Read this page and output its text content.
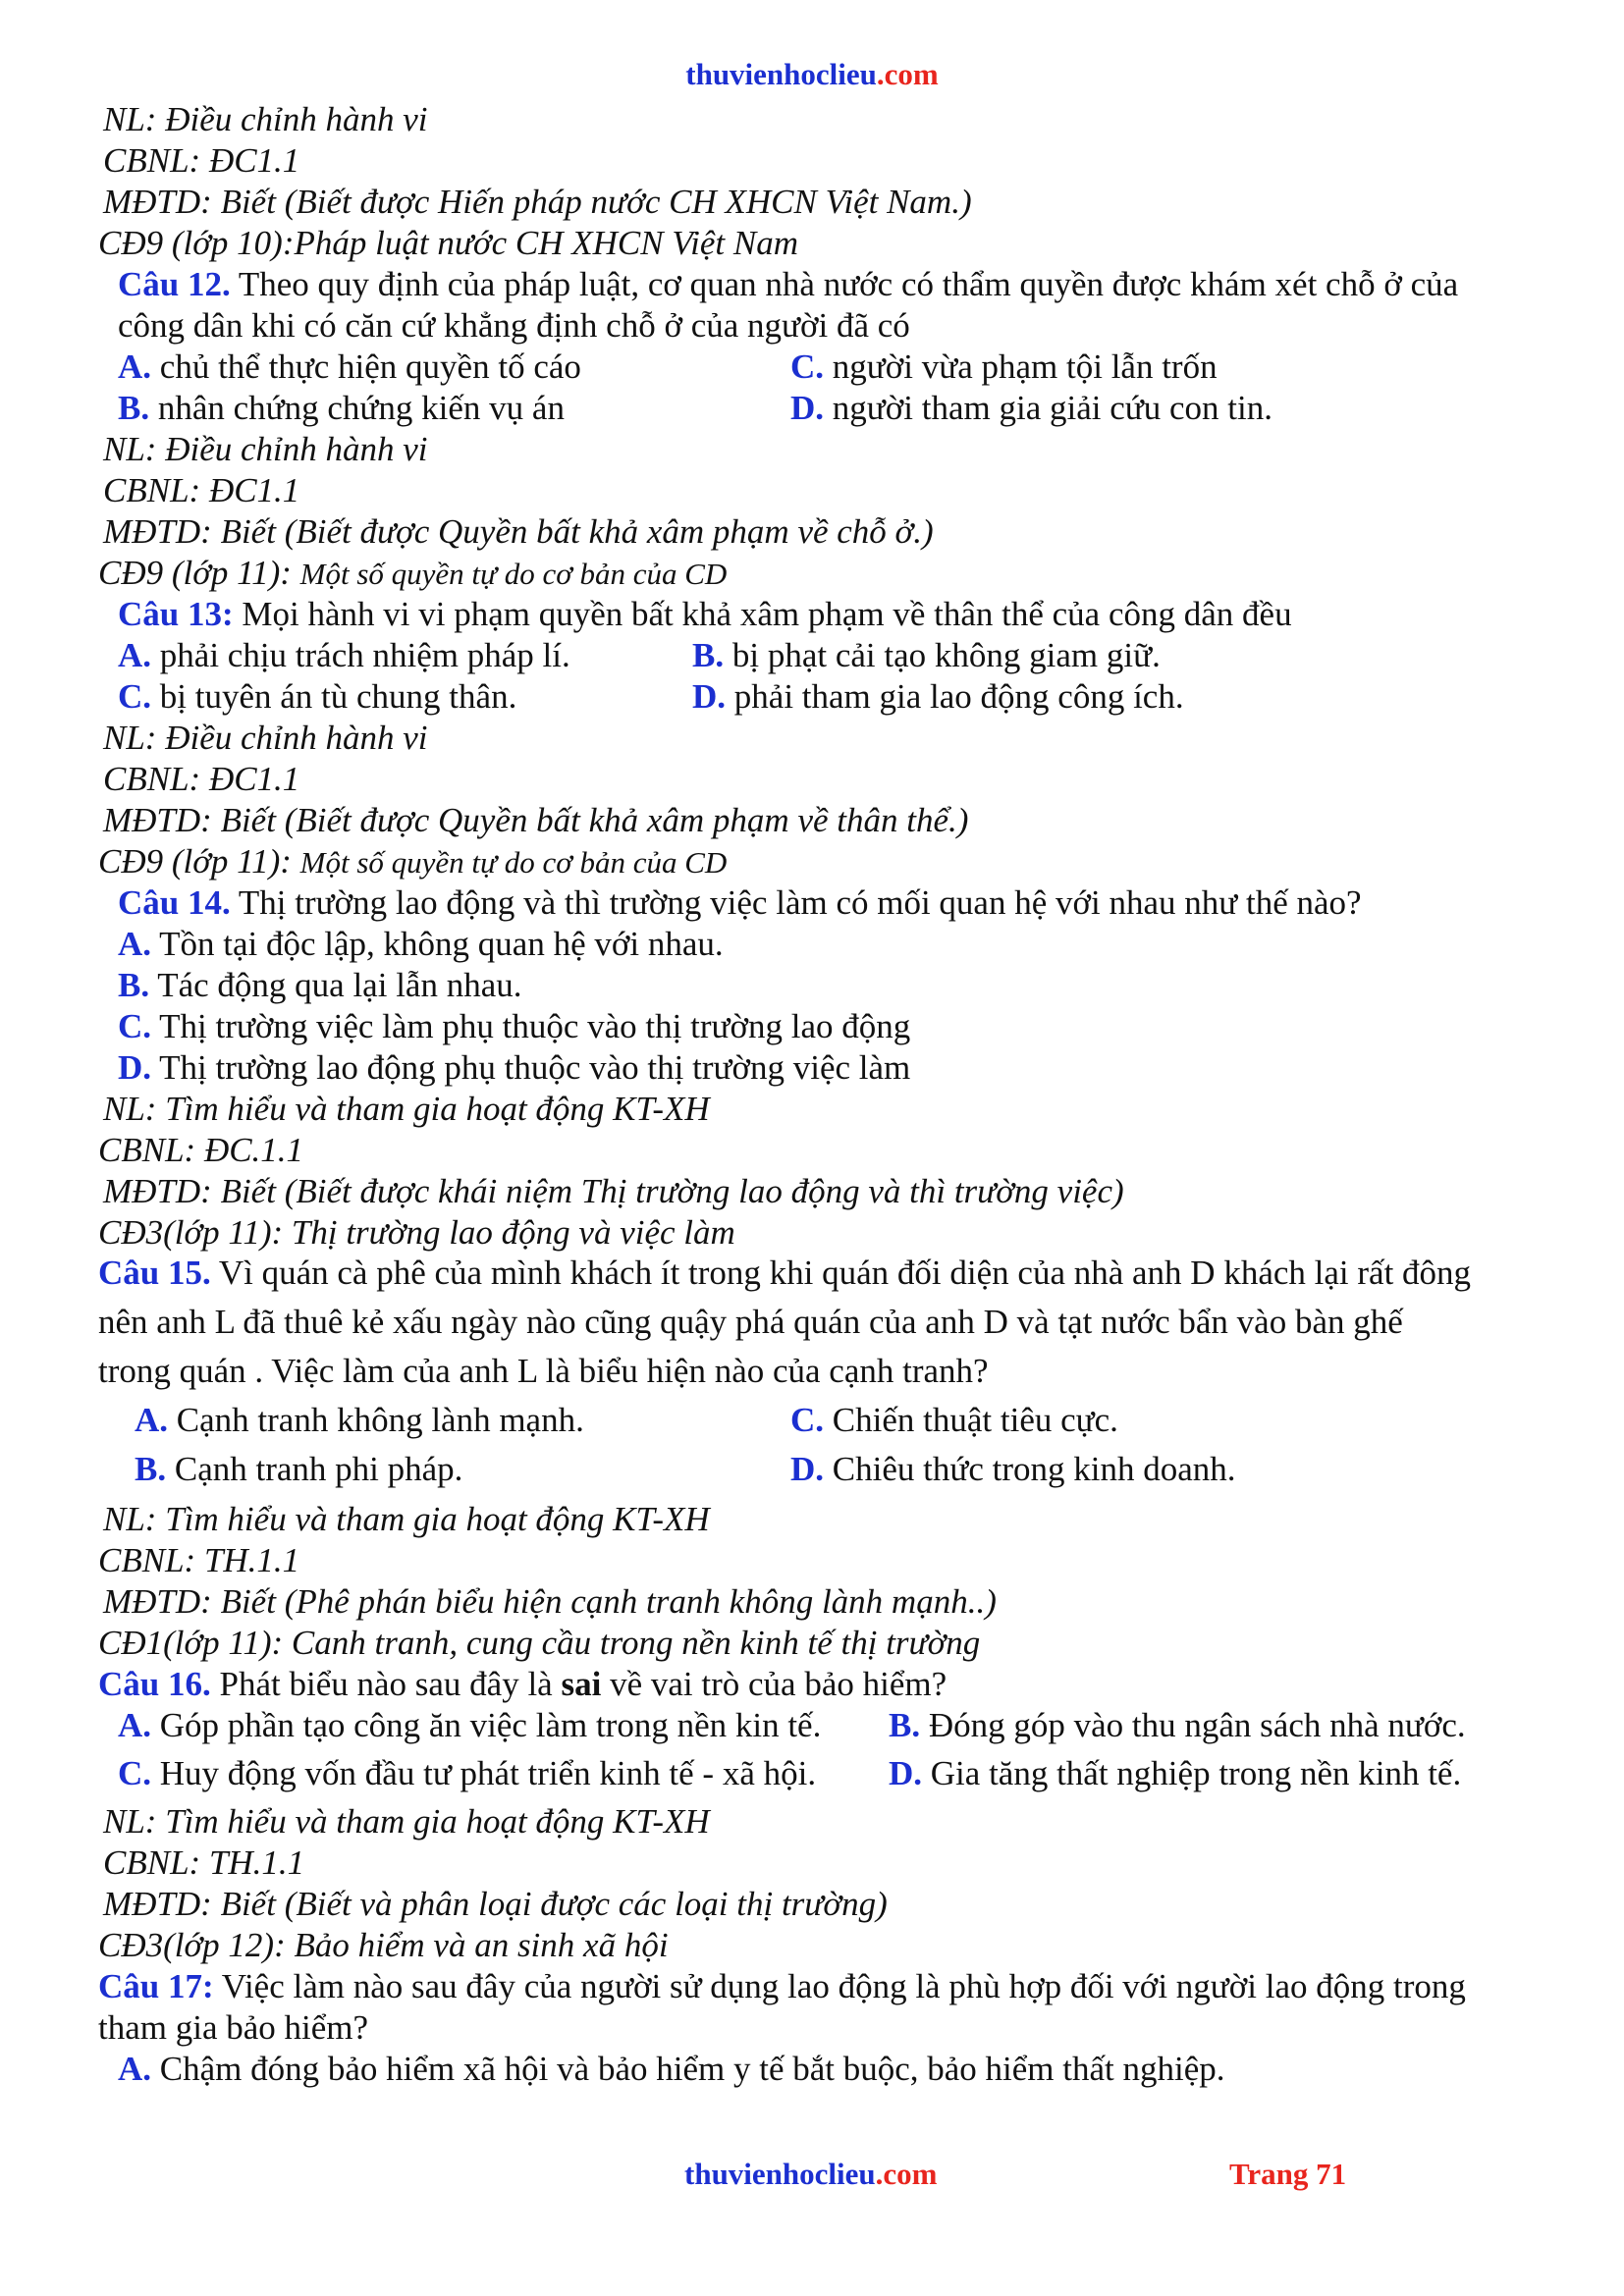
thuvienhoclieu.com
NL: Điều chỉnh hành vi
CBNL: ĐC1.1
MĐTD: Biết (Biết được Hiến pháp nước CH XHCN Việt Nam.)
CĐ9 (lớp 10):Pháp luật nước CH XHCN Việt Nam
Câu 12. Theo quy định của pháp luật, cơ quan nhà nước có thẩm quyền được khám xét chỗ ở của
công dân khi có căn cứ khẳng định chỗ ở của người đã có
A. chủ thể thực hiện quyền tố cáo	C. người vừa phạm tội lẫn trốn
B. nhân chứng chứng kiến vụ án	D. người tham gia giải cứu con tin.
NL: Điều chỉnh hành vi
CBNL: ĐC1.1
MĐTD: Biết (Biết được Quyền bất khả xâm phạm về chỗ ở.)
CĐ9 (lớp 11): Một số quyền tự do cơ bản của CD
Câu 13: Mọi hành vi vi phạm quyền bất khả xâm phạm về thân thể của công dân đều
A. phải chịu trách nhiệm pháp lí.	B. bị phạt cải tạo không giam giữ.
C. bị tuyên án tù chung thân.	D. phải tham gia lao động công ích.
NL: Điều chỉnh hành vi
CBNL: ĐC1.1
MĐTD: Biết (Biết được Quyền bất khả xâm phạm về thân thể.)
CĐ9 (lớp 11): Một số quyền tự do cơ bản của CD
Câu 14. Thị trường lao động và thì trường việc làm có mối quan hệ với nhau như thế nào?
A. Tồn tại độc lập, không quan hệ với nhau.
B. Tác động qua lại lẫn nhau.
C. Thị trường việc làm phụ thuộc vào thị trường lao động
D. Thị trường lao động phụ thuộc vào thị trường việc làm
NL: Tìm hiểu và tham gia hoạt động KT-XH
CBNL: ĐC.1.1
MĐTD: Biết (Biết được khái niệm Thị trường lao động và thì trường việc)
CĐ3(lớp 11): Thị trường lao động và việc làm
Câu 15. Vì quán cà phê của mình khách ít trong khi quán đối diện của nhà anh D khách lại rất đông
nên anh L đã thuê kẻ xấu ngày nào cũng quậy phá quán của anh D và tạt nước bẩn vào bàn ghế
trong quán . Việc làm của anh L là biểu hiện nào của cạnh tranh?
A. Cạnh tranh không lành mạnh.	C. Chiến thuật tiêu cực.
B. Cạnh tranh phi pháp.	D. Chiêu thức trong kinh doanh.
NL: Tìm hiểu và tham gia hoạt động KT-XH
CBNL: TH.1.1
MĐTD: Biết (Phê phán biểu hiện cạnh tranh không lành mạnh..)
CĐ1(lớp 11): Canh tranh, cung cầu trong nền kinh tế thị trường
Câu 16. Phát biểu nào sau đây là sai về vai trò của bảo hiểm?
A. Góp phần tạo công ăn việc làm trong nền kin tế. B. Đóng góp vào thu ngân sách nhà nước.
C. Huy động vốn đầu tư phát triển kinh tế - xã hội. D. Gia tăng thất nghiệp trong nền kinh tế.
NL: Tìm hiểu và tham gia hoạt động KT-XH
CBNL: TH.1.1
MĐTD: Biết (Biết và phân loại được các loại thị trường)
CĐ3(lớp 12): Bảo hiểm và an sinh xã hội
Câu 17: Việc làm nào sau đây của người sử dụng lao động là phù hợp đối với người lao động trong
tham gia bảo hiểm?
A. Chậm đóng bảo hiểm xã hội và bảo hiểm y tế bắt buộc, bảo hiểm thất nghiệp.
thuvienhoclieu.com	Trang 71
